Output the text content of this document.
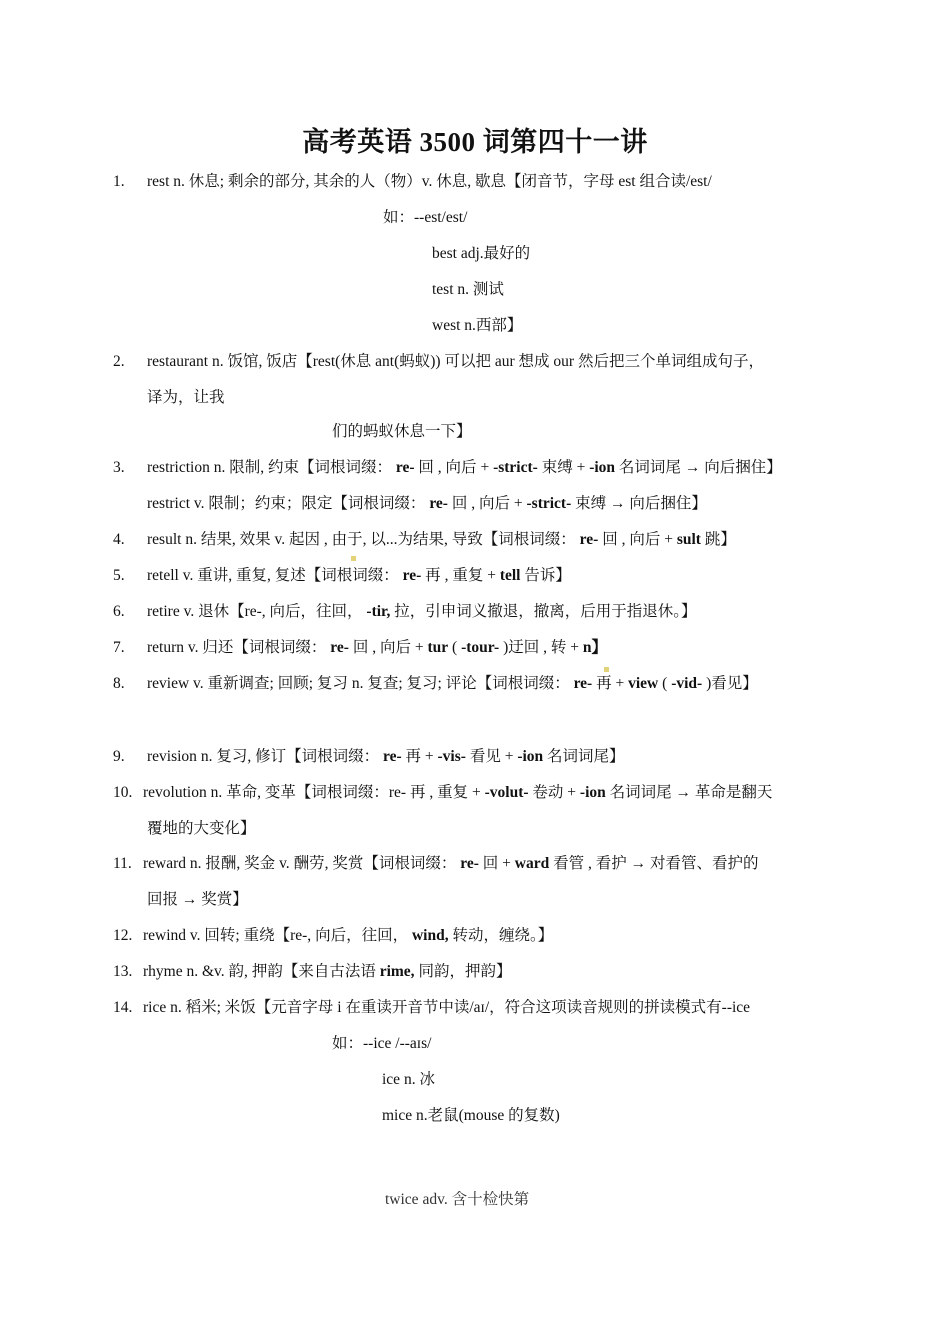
高考英语 3500 词第四十一讲
1. rest n. 休息; 剩余的部分, 其余的人（物）v. 休息, 歇息【闭音节，字母 est 组合读/est/
如：--est/est/
best adj.最好的
test n. 测试
west n.西部】
2. restaurant n. 饭馆, 饭店【rest(休息 ant(蚂蚁)) 可以把 aur 想成 our 然后把三个单词组成句子，
译为，让我
们的蚂蚁休息一下】
3. restriction n. 限制, 约束【词根词缀： re- 回 , 向后 + -strict- 束缚 + -ion 名词词尾 → 向后捆住】
restrict v. 限制；约束；限定【词根词缀： re- 回 , 向后 + -strict- 束缚 → 向后捆住】
4. result n. 结果, 效果 v. 起因 , 由于, 以...为结果, 导致【词根词缀： re- 回 , 向后 + sult 跳】
5. retell v. 重讲, 重复, 复述【词根词缀： re- 再 , 重复 + tell 告诉】
6. retire v. 退休【re-, 向后，往回， -tir, 拉，引申词义撤退，撤离，后用于指退休。】
7. return v. 归还【词根词缀： re- 回 , 向后 + tur ( -tour- )迂回 , 转 + n】
8. review v. 重新调查; 回顾; 复习 n. 复查; 复习; 评论【词根词缀： re- 再 + view ( -vid- )看见】
9. revision n. 复习, 修订【词根词缀： re- 再 + -vis- 看见 + -ion 名词词尾】
10. revolution n. 革命, 变革【词根词缀：re- 再 , 重复 + -volut- 卷动 + -ion 名词词尾 → 革命是翻天
覆地的大变化】
11. reward n. 报酬, 奖金 v. 酬劳, 奖赏【词根词缀： re- 回 + ward 看管 , 看护 → 对看管、看护的
回报 → 奖赏】
12. rewind v. 回转; 重绕【re-, 向后，往回， wind, 转动，缠绕。】
13. rhyme n. &v. 韵, 押韵【来自古法语 rime, 同韵，押韵】
14. rice n. 稻米; 米饭【元音字母 i 在重读开音节中读/aɪ/，符合这项读音规则的拼读模式有--ice
如：--ice /--aɪs/
ice n. 冰
mice n.老鼠(mouse 的复数)
twice adv. 含十检快第
